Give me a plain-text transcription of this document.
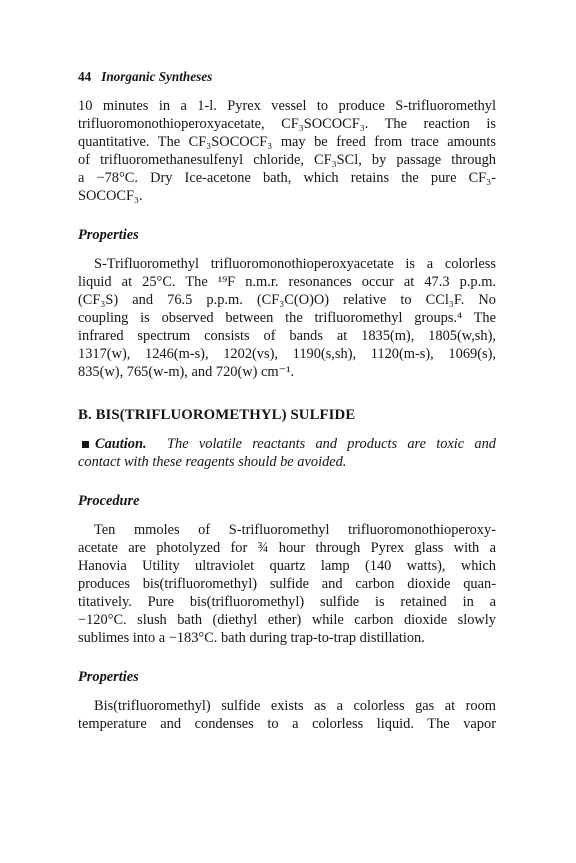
44 Inorganic Syntheses
10 minutes in a 1-l. Pyrex vessel to produce S-trifluoromethyl
trifluoromonothioperoxyacetate, CF₃SOCOCF₃. The reaction is
quantitative. The CF₃SOCOCF₃ may be freed from trace amounts
of trifluoromethanesulfenyl chloride, CF₃SCl, by passage through
a −78°C. Dry Ice-acetone bath, which retains the pure CF₃-
SOCOCF₃.
Properties
S-Trifluoromethyl trifluoromonothioperoxyacetate is a colorless
liquid at 25°C. The ¹⁹F n.m.r. resonances occur at 47.3 p.p.m.
(CF₃S) and 76.5 p.p.m. (CF₃C(O)O) relative to CCl₃F. No
coupling is observed between the trifluoromethyl groups.⁴ The
infrared spectrum consists of bands at 1835(m), 1805(w,sh),
1317(w), 1246(m-s), 1202(vs), 1190(s,sh), 1120(m-s), 1069(s),
835(w), 765(w-m), and 720(w) cm⁻¹.
B. BIS(TRIFLUOROMETHYL) SULFIDE
Caution. The volatile reactants and products are toxic and
contact with these reagents should be avoided.
Procedure
Ten mmoles of S-trifluoromethyl trifluoromonothioperoxy-
acetate are photolyzed for ¾ hour through Pyrex glass with a
Hanovia Utility ultraviolet quartz lamp (140 watts), which
produces bis(trifluoromethyl) sulfide and carbon dioxide quan-
titatively. Pure bis(trifluoromethyl) sulfide is retained in a
−120°C. slush bath (diethyl ether) while carbon dioxide slowly
sublimes into a −183°C. bath during trap-to-trap distillation.
Properties
Bis(trifluoromethyl) sulfide exists as a colorless gas at room
temperature and condenses to a colorless liquid. The vapor
